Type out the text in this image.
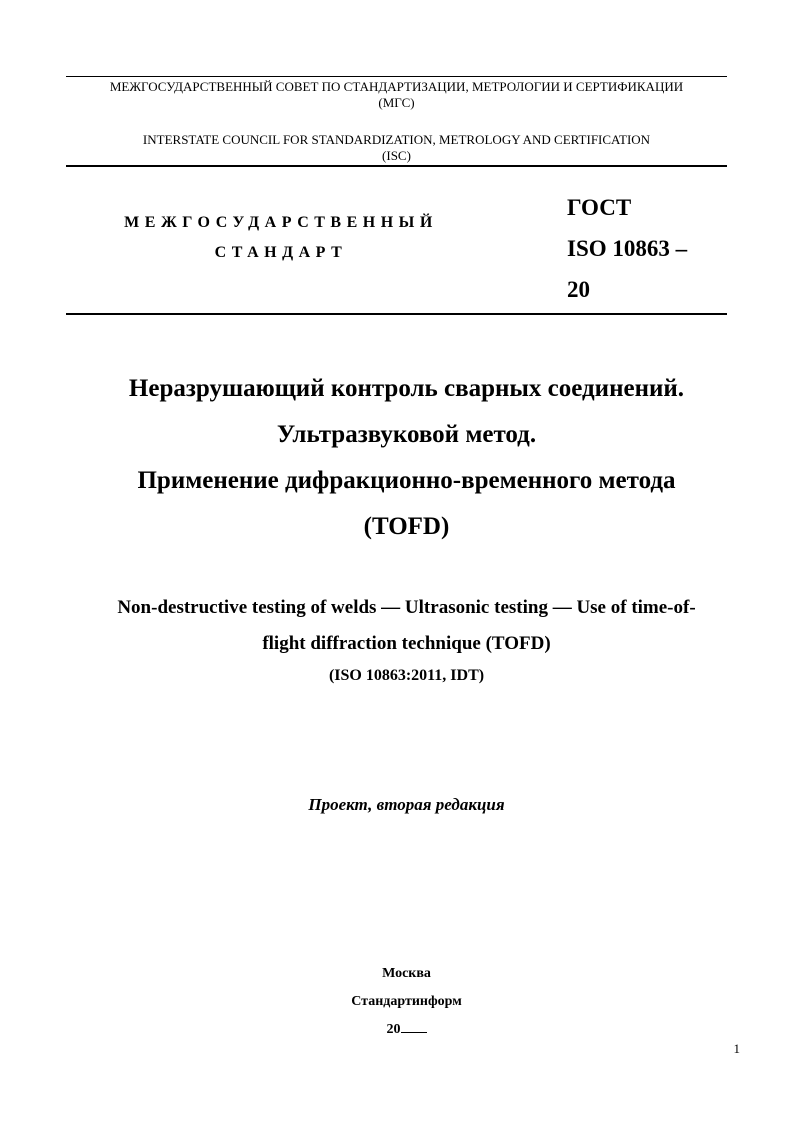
МЕЖГОСУДАРСТВЕННЫЙ СОВЕТ ПО СТАНДАРТИЗАЦИИ, МЕТРОЛОГИИ И СЕРТИФИКАЦИИ
(МГС)
INTERSTATE COUNCIL FOR STANDARDIZATION, METROLOGY AND CERTIFICATION
(ISC)
МЕЖГОСУДАРСТВЕННЫЙ
СТАНДАРТ
ГОСТ
ISO 10863 –
20
Неразрушающий контроль сварных соединений.
Ультразвуковой метод.
Применение дифракционно-временного метода
(TOFD)
Non-destructive testing of welds — Ultrasonic testing — Use of time-of-
flight diffraction technique (TOFD)
(ISO 10863:2011, IDT)
Проект, вторая редакция
Москва
Стандартинформ
20
1
